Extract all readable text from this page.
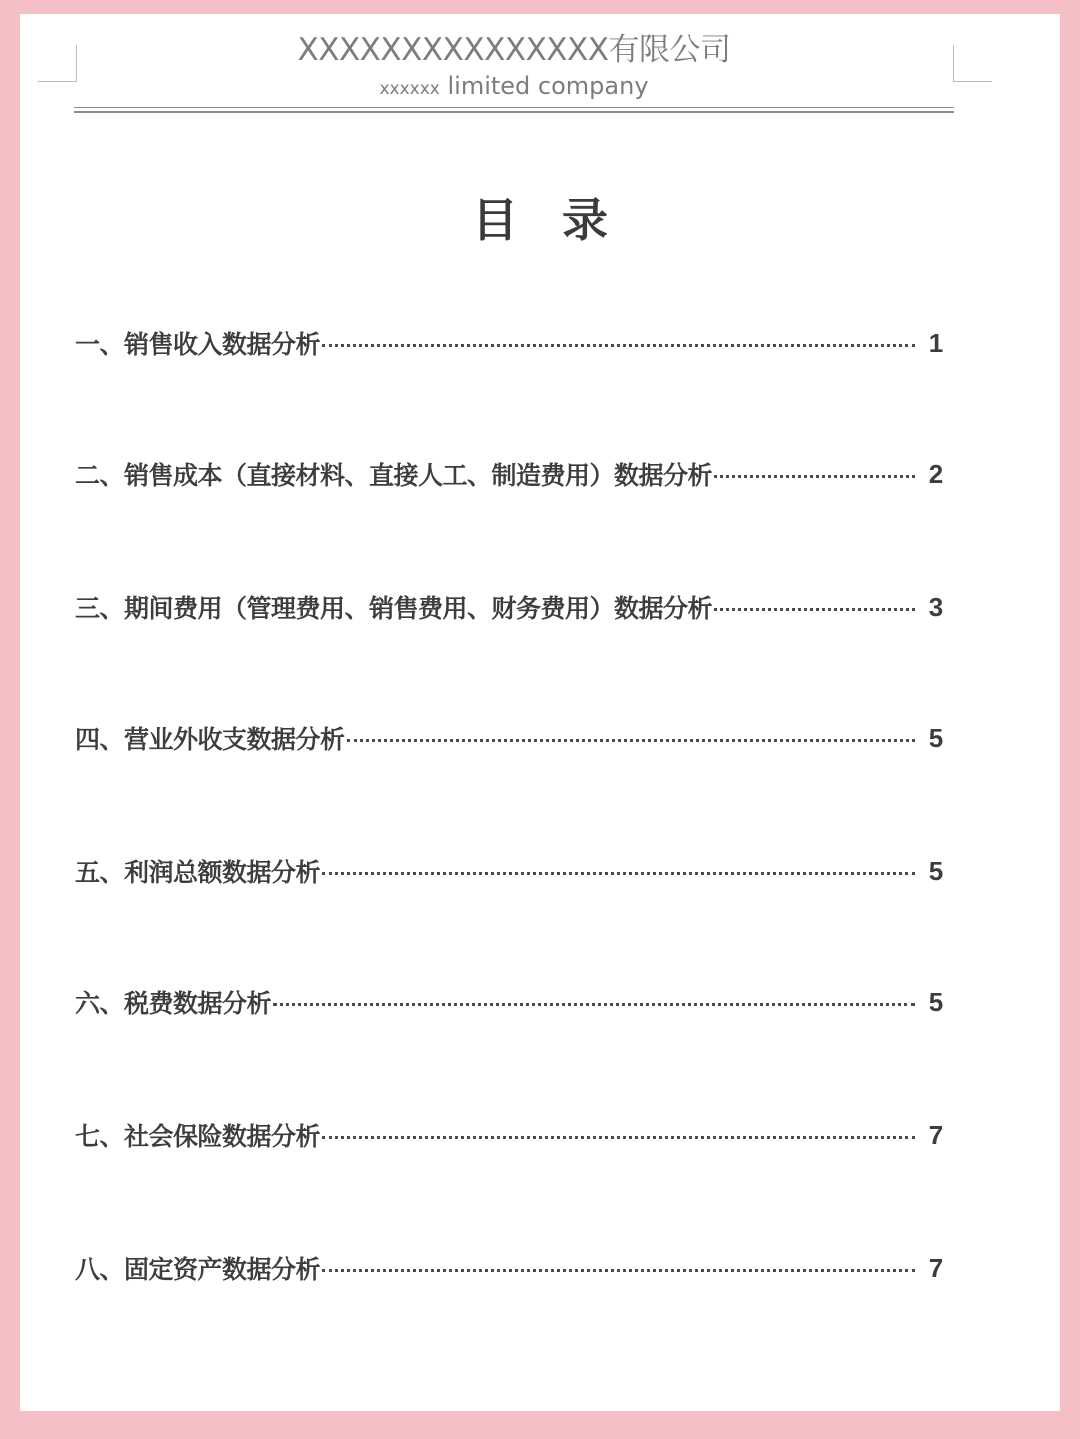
XXXXXXXXXXXXXXX有限公司
xxxxxx limited company
目录
一、销售收入数据分析	1
二、销售成本（直接材料、直接人工、制造费用）数据分析	2
三、期间费用（管理费用、销售费用、财务费用）数据分析	3
四、营业外收支数据分析	5
五、利润总额数据分析	5
六、税费数据分析	5
七、社会保险数据分析	7
八、固定资产数据分析	7
